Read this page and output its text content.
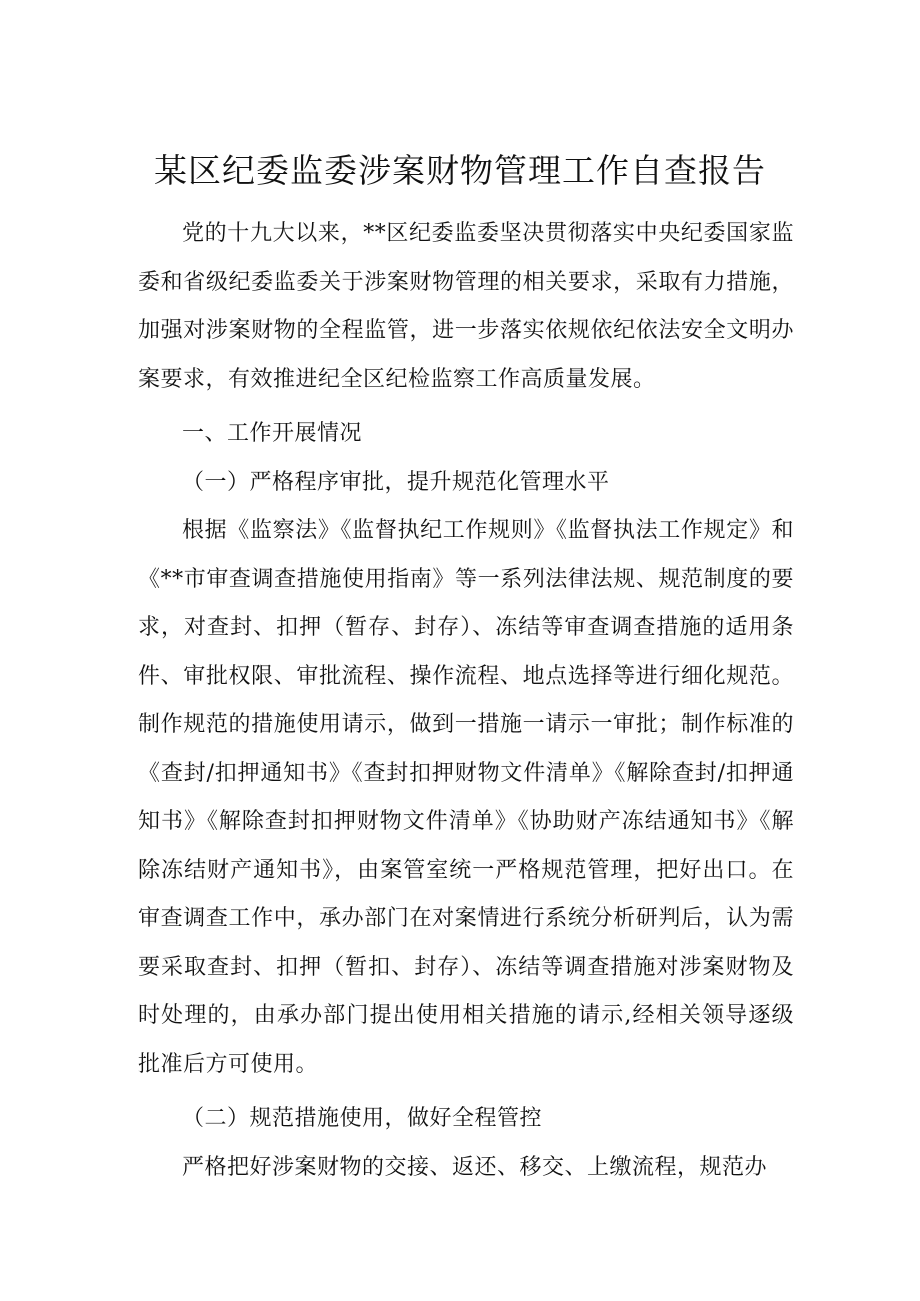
某区纪委监委涉案财物管理工作自查报告

党的十九大以来，**区纪委监委坚决贯彻落实中央纪委国家监委和省级纪委监委关于涉案财物管理的相关要求，采取有力措施，加强对涉案财物的全程监管，进一步落实依规依纪依法安全文明办案要求，有效推进纪全区纪检监察工作高质量发展。

一、工作开展情况

（一）严格程序审批，提升规范化管理水平

根据《监察法》《监督执纪工作规则》《监督执法工作规定》和《**市审查调查措施使用指南》等一系列法律法规、规范制度的要求，对查封、扣押（暂存、封存）、冻结等审查调查措施的适用条件、审批权限、审批流程、操作流程、地点选择等进行细化规范。制作规范的措施使用请示，做到一措施一请示一审批；制作标准的《查封/扣押通知书》《查封扣押财物文件清单》《解除查封/扣押通知书》《解除查封扣押财物文件清单》《协助财产冻结通知书》《解除冻结财产通知书》，由案管室统一严格规范管理，把好出口。在审查调查工作中，承办部门在对案情进行系统分析研判后，认为需要采取查封、扣押（暂扣、封存）、冻结等调查措施对涉案财物及时处理的，由承办部门提出使用相关措施的请示,经相关领导逐级批准后方可使用。

（二）规范措施使用，做好全程管控

严格把好涉案财物的交接、返还、移交、上缴流程，规范办
